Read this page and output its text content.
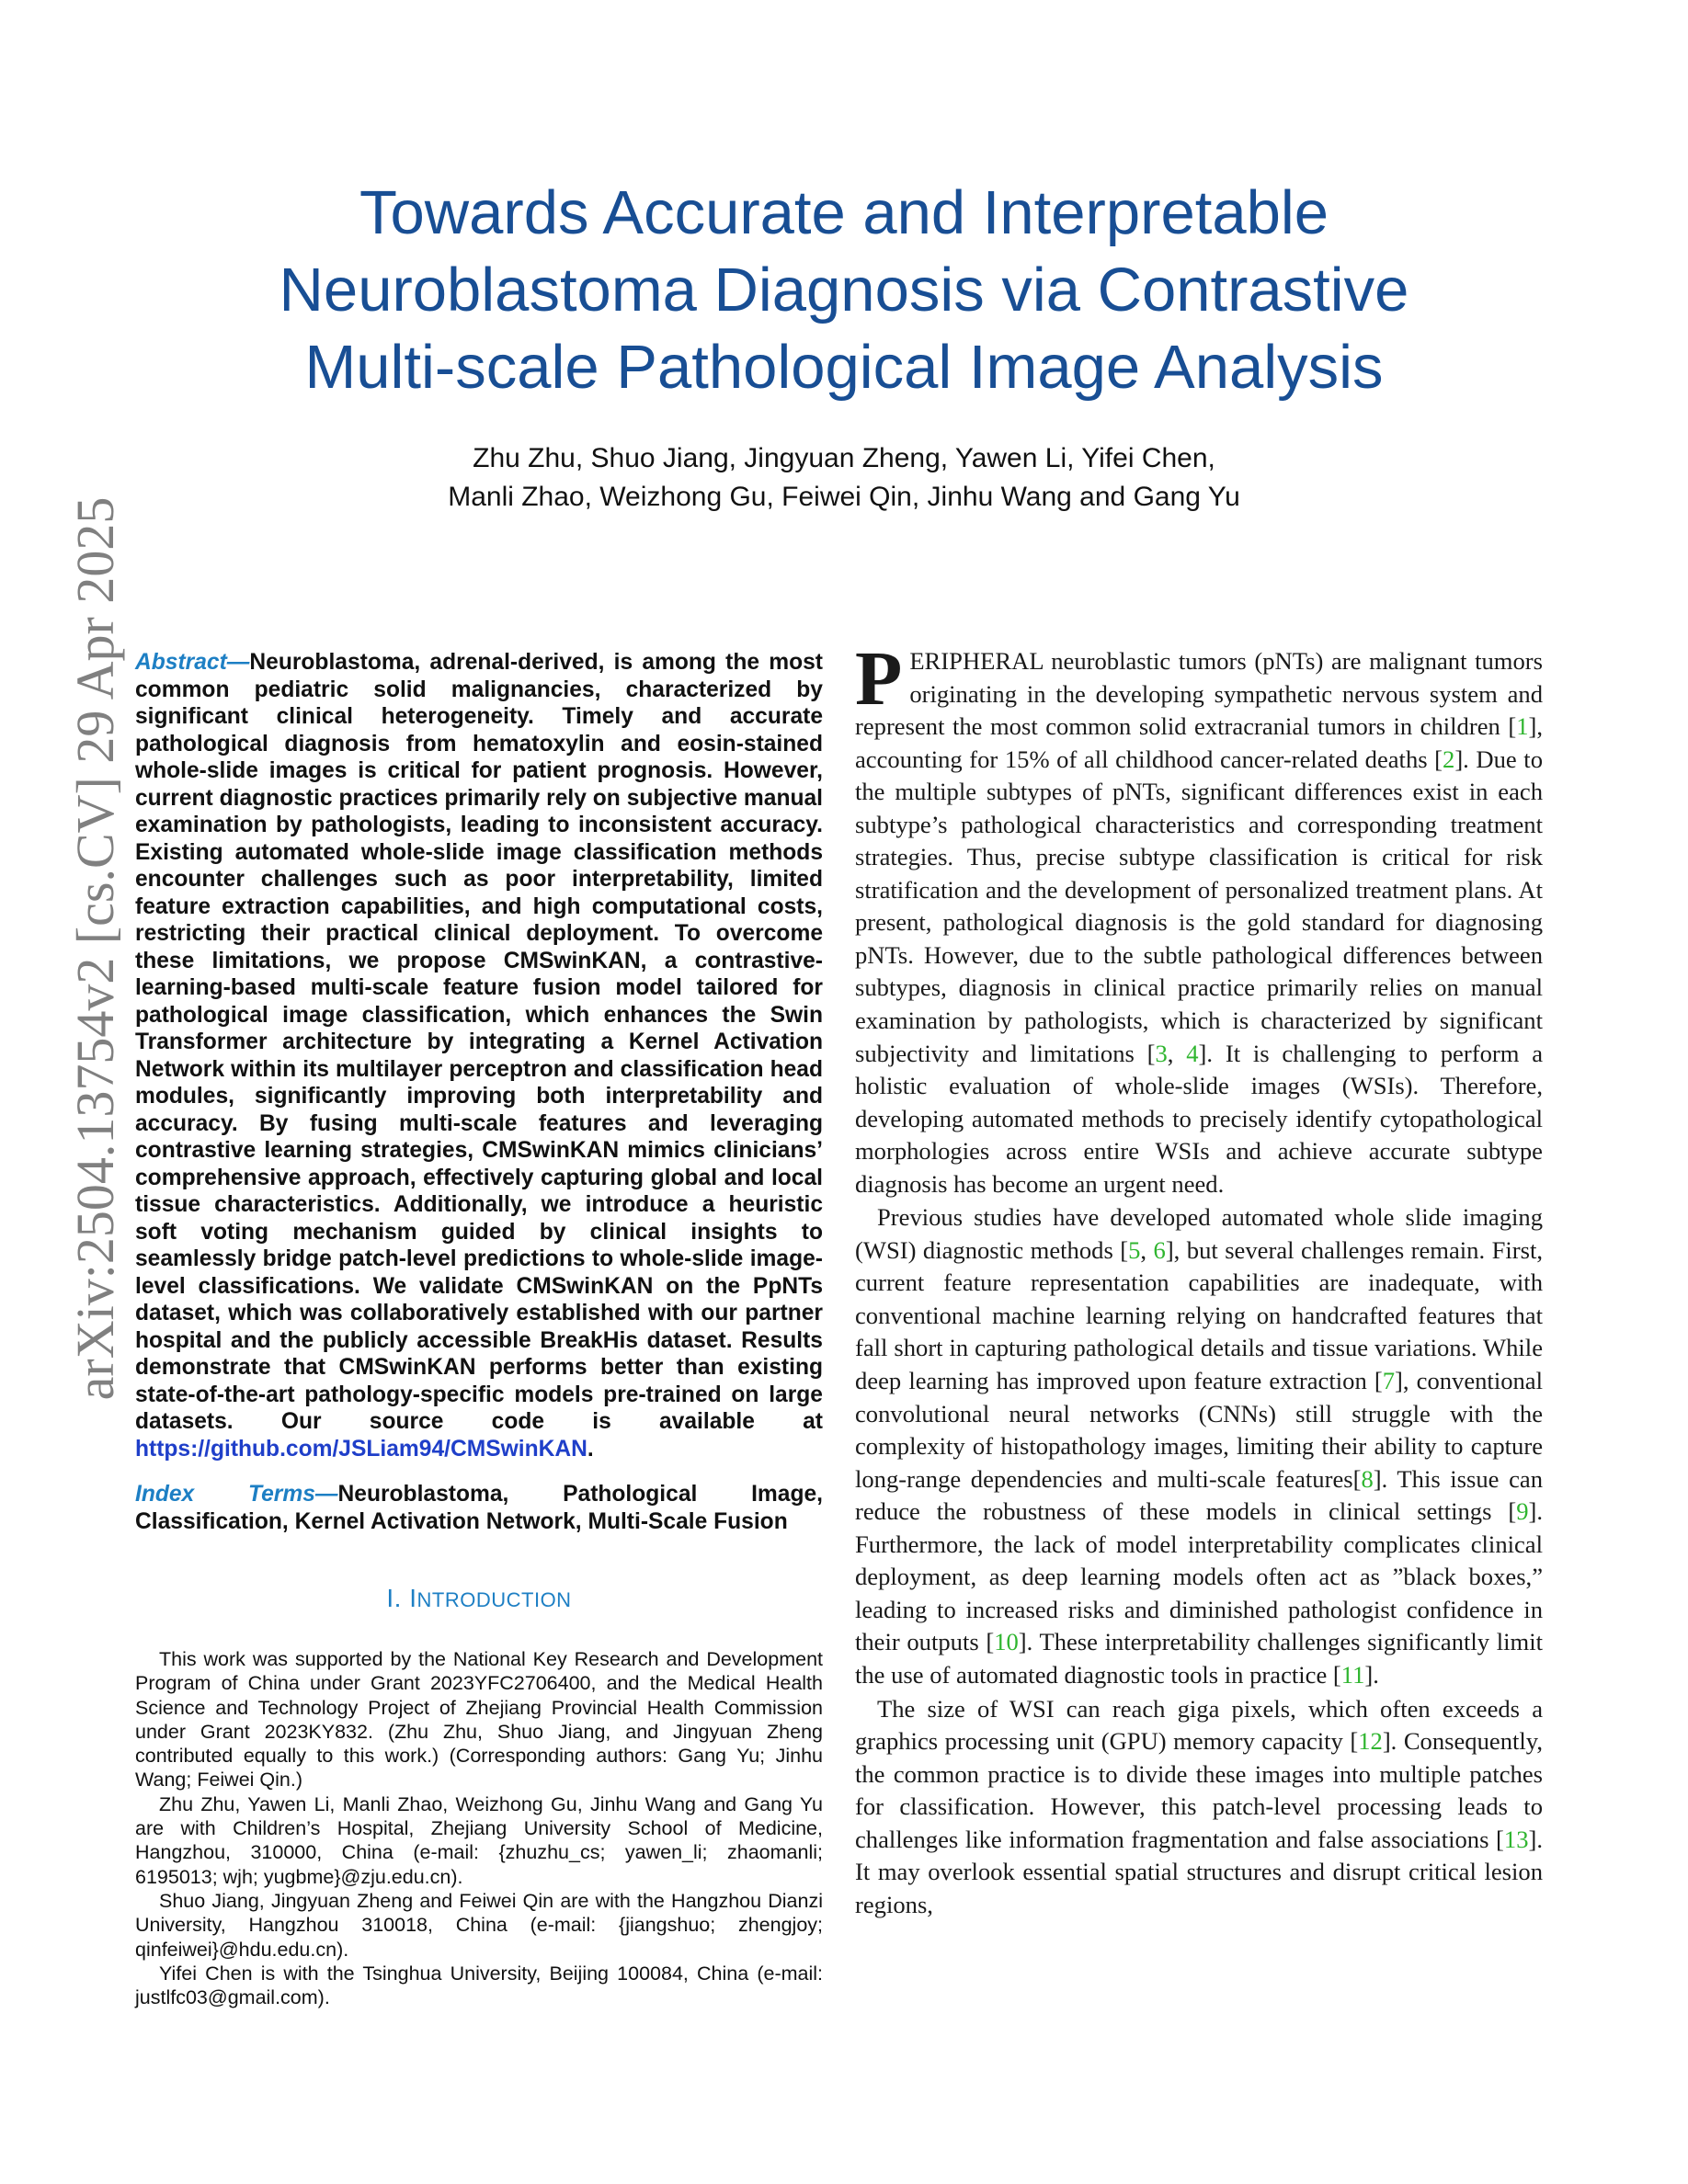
Towards Accurate and Interpretable
Neuroblastoma Diagnosis via Contrastive
Multi-scale Pathological Image Analysis
Zhu Zhu, Shuo Jiang, Jingyuan Zheng, Yawen Li, Yifei Chen,
Manli Zhao, Weizhong Gu, Feiwei Qin, Jinhu Wang and Gang Yu
arXiv:2504.13754v2 [cs.CV] 29 Apr 2025 Abstract—Neuroblastoma, adrenal-derived, is among the most common pediatric solid malignancies, characterized by significant clinical heterogeneity. Timely and accurate pathological diagnosis from hematoxylin and eosin-stained whole-slide images is critical for patient prognosis. However, current diagnostic practices primarily rely on subjective manual examination by pathologists, leading to inconsistent accuracy. Existing automated whole-slide image classification methods encounter challenges such as poor interpretability, limited feature extraction capabilities, and high computational costs, restricting their practical clinical deployment. To overcome these limitations, we propose CMSwinKAN, a contrastive-learning-based multi-scale feature fusion model tailored for pathological image classification, which enhances the Swin Transformer architecture by integrating a Kernel Activation Network within its multilayer perceptron and classification head modules, significantly improving both interpretability and accuracy. By fusing multi-scale features and leveraging contrastive learning strategies, CMSwinKAN mimics clinicians’ comprehensive approach, effectively capturing global and local tissue characteristics. Additionally, we introduce a heuristic soft voting mechanism guided by clinical insights to seamlessly bridge patch-level predictions to whole-slide image-level classifications. We validate CMSwinKAN on the PpNTs dataset, which was collaboratively established with our partner hospital and the publicly accessible BreakHis dataset. Results demonstrate that CMSwinKAN performs better than existing state-of-the-art pathology-specific models pre-trained on large datasets. Our source code is available at https://github.com/JSLiam94/CMSwinKAN.
Index Terms—Neuroblastoma, Pathological Image, Classification, Kernel Activation Network, Multi-Scale Fusion
I. INTRODUCTION

This work was supported by the National Key Research and Development Program of China under Grant 2023YFC2706400, and the Medical Health Science and Technology Project of Zhejiang Provincial Health Commission under Grant 2023KY832. (Zhu Zhu, Shuo Jiang, and Jingyuan Zheng contributed equally to this work.) (Corresponding authors: Gang Yu; Jinhu Wang; Feiwei Qin.)

Zhu Zhu, Yawen Li, Manli Zhao, Weizhong Gu, Jinhu Wang and Gang Yu are with Children’s Hospital, Zhejiang University School of Medicine, Hangzhou, 310000, China (e-mail: {zhuzhu_cs; yawen_li; zhaomanli; 6195013; wjh; yugbme}@zju.edu.cn).

Shuo Jiang, Jingyuan Zheng and Feiwei Qin are with the Hangzhou Dianzi University, Hangzhou 310018, China (e-mail: {jiangshuo; zhengjoy; qinfeiwei}@hdu.edu.cn).

Yifei Chen is with the Tsinghua University, Beijing 100084, China (e-mail: justlfc03@gmail.com).

PERIPHERAL neuroblastic tumors (pNTs) are malignant tumors originating in the developing sympathetic nervous system and represent the most common solid extracranial tumors in children [1], accounting for 15% of all childhood cancer-related deaths [2]. Due to the multiple subtypes of pNTs, significant differences exist in each subtype’s pathological characteristics and corresponding treatment strategies. Thus, precise subtype classification is critical for risk stratification and the development of personalized treatment plans. At present, pathological diagnosis is the gold standard for diagnosing pNTs. However, due to the subtle pathological differences between subtypes, diagnosis in clinical practice primarily relies on manual examination by pathologists, which is characterized by significant subjectivity and limitations [3, 4]. It is challenging to perform a holistic evaluation of whole-slide images (WSIs). Therefore, developing automated methods to precisely identify cytopathological morphologies across entire WSIs and achieve accurate subtype diagnosis has become an urgent need.

Previous studies have developed automated whole slide imaging (WSI) diagnostic methods [5, 6], but several challenges remain. First, current feature representation capabilities are inadequate, with conventional machine learning relying on handcrafted features that fall short in capturing pathological details and tissue variations. While deep learning has improved upon feature extraction [7], conventional convolutional neural networks (CNNs) still struggle with the complexity of histopathology images, limiting their ability to capture long-range dependencies and multi-scale features[8]. This issue can reduce the robustness of these models in clinical settings [9]. Furthermore, the lack of model interpretability complicates clinical deployment, as deep learning models often act as ”black boxes,” leading to increased risks and diminished pathologist confidence in their outputs [10]. These interpretability challenges significantly limit the use of automated diagnostic tools in practice [11].

The size of WSI can reach giga pixels, which often exceeds a graphics processing unit (GPU) memory capacity [12]. Consequently, the common practice is to divide these images into multiple patches for classification. However, this patch-level processing leads to challenges like information fragmentation and false associations [13]. It may overlook essential spatial structures and disrupt critical lesion regions,
